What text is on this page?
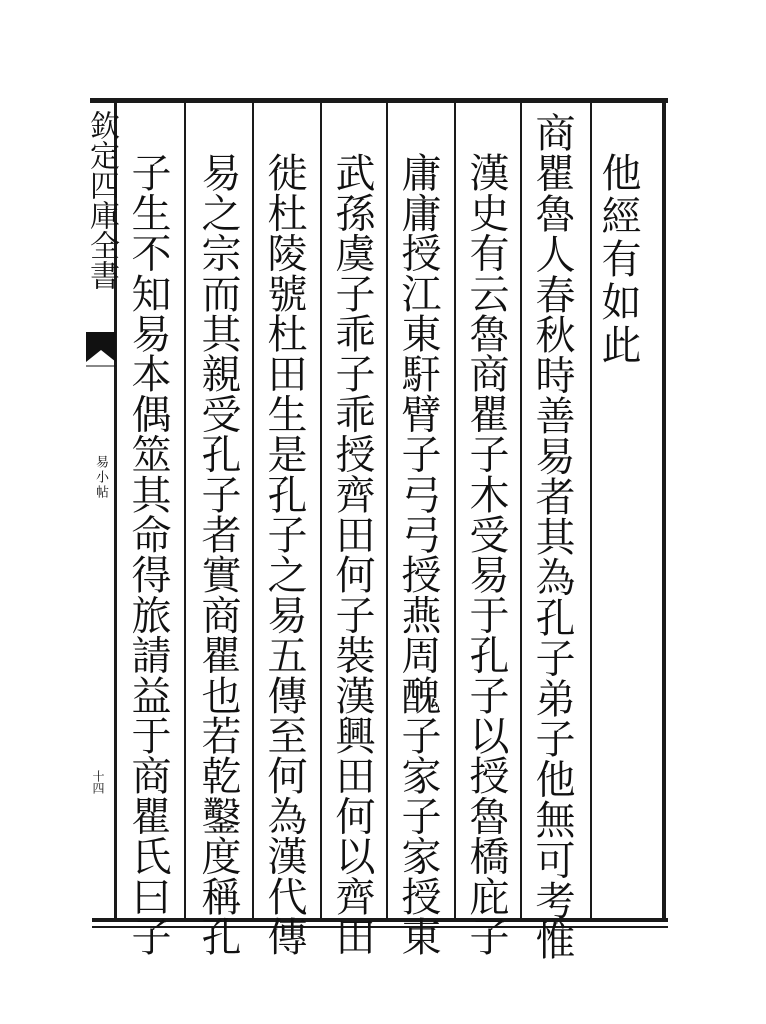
欽定四庫全書
易小帖
十四
他經有如此
商瞿魯人春秋時善易者其為孔子弟子他無可考惟
漢史有云魯商瞿子木受易于孔子以授魯橋庇子
庸庸授江東馯臂子弓弓授燕周醜子家子家授東
武孫虞子乖子乖授齊田何子裝漢興田何以齊田
徙杜陵號杜田生是孔子之易五傳至何為漢代傳
易之宗而其親受孔子者實商瞿也若乾鑿度稱孔
子生不知易本偶筮其命得旅請益于商瞿氏曰子
